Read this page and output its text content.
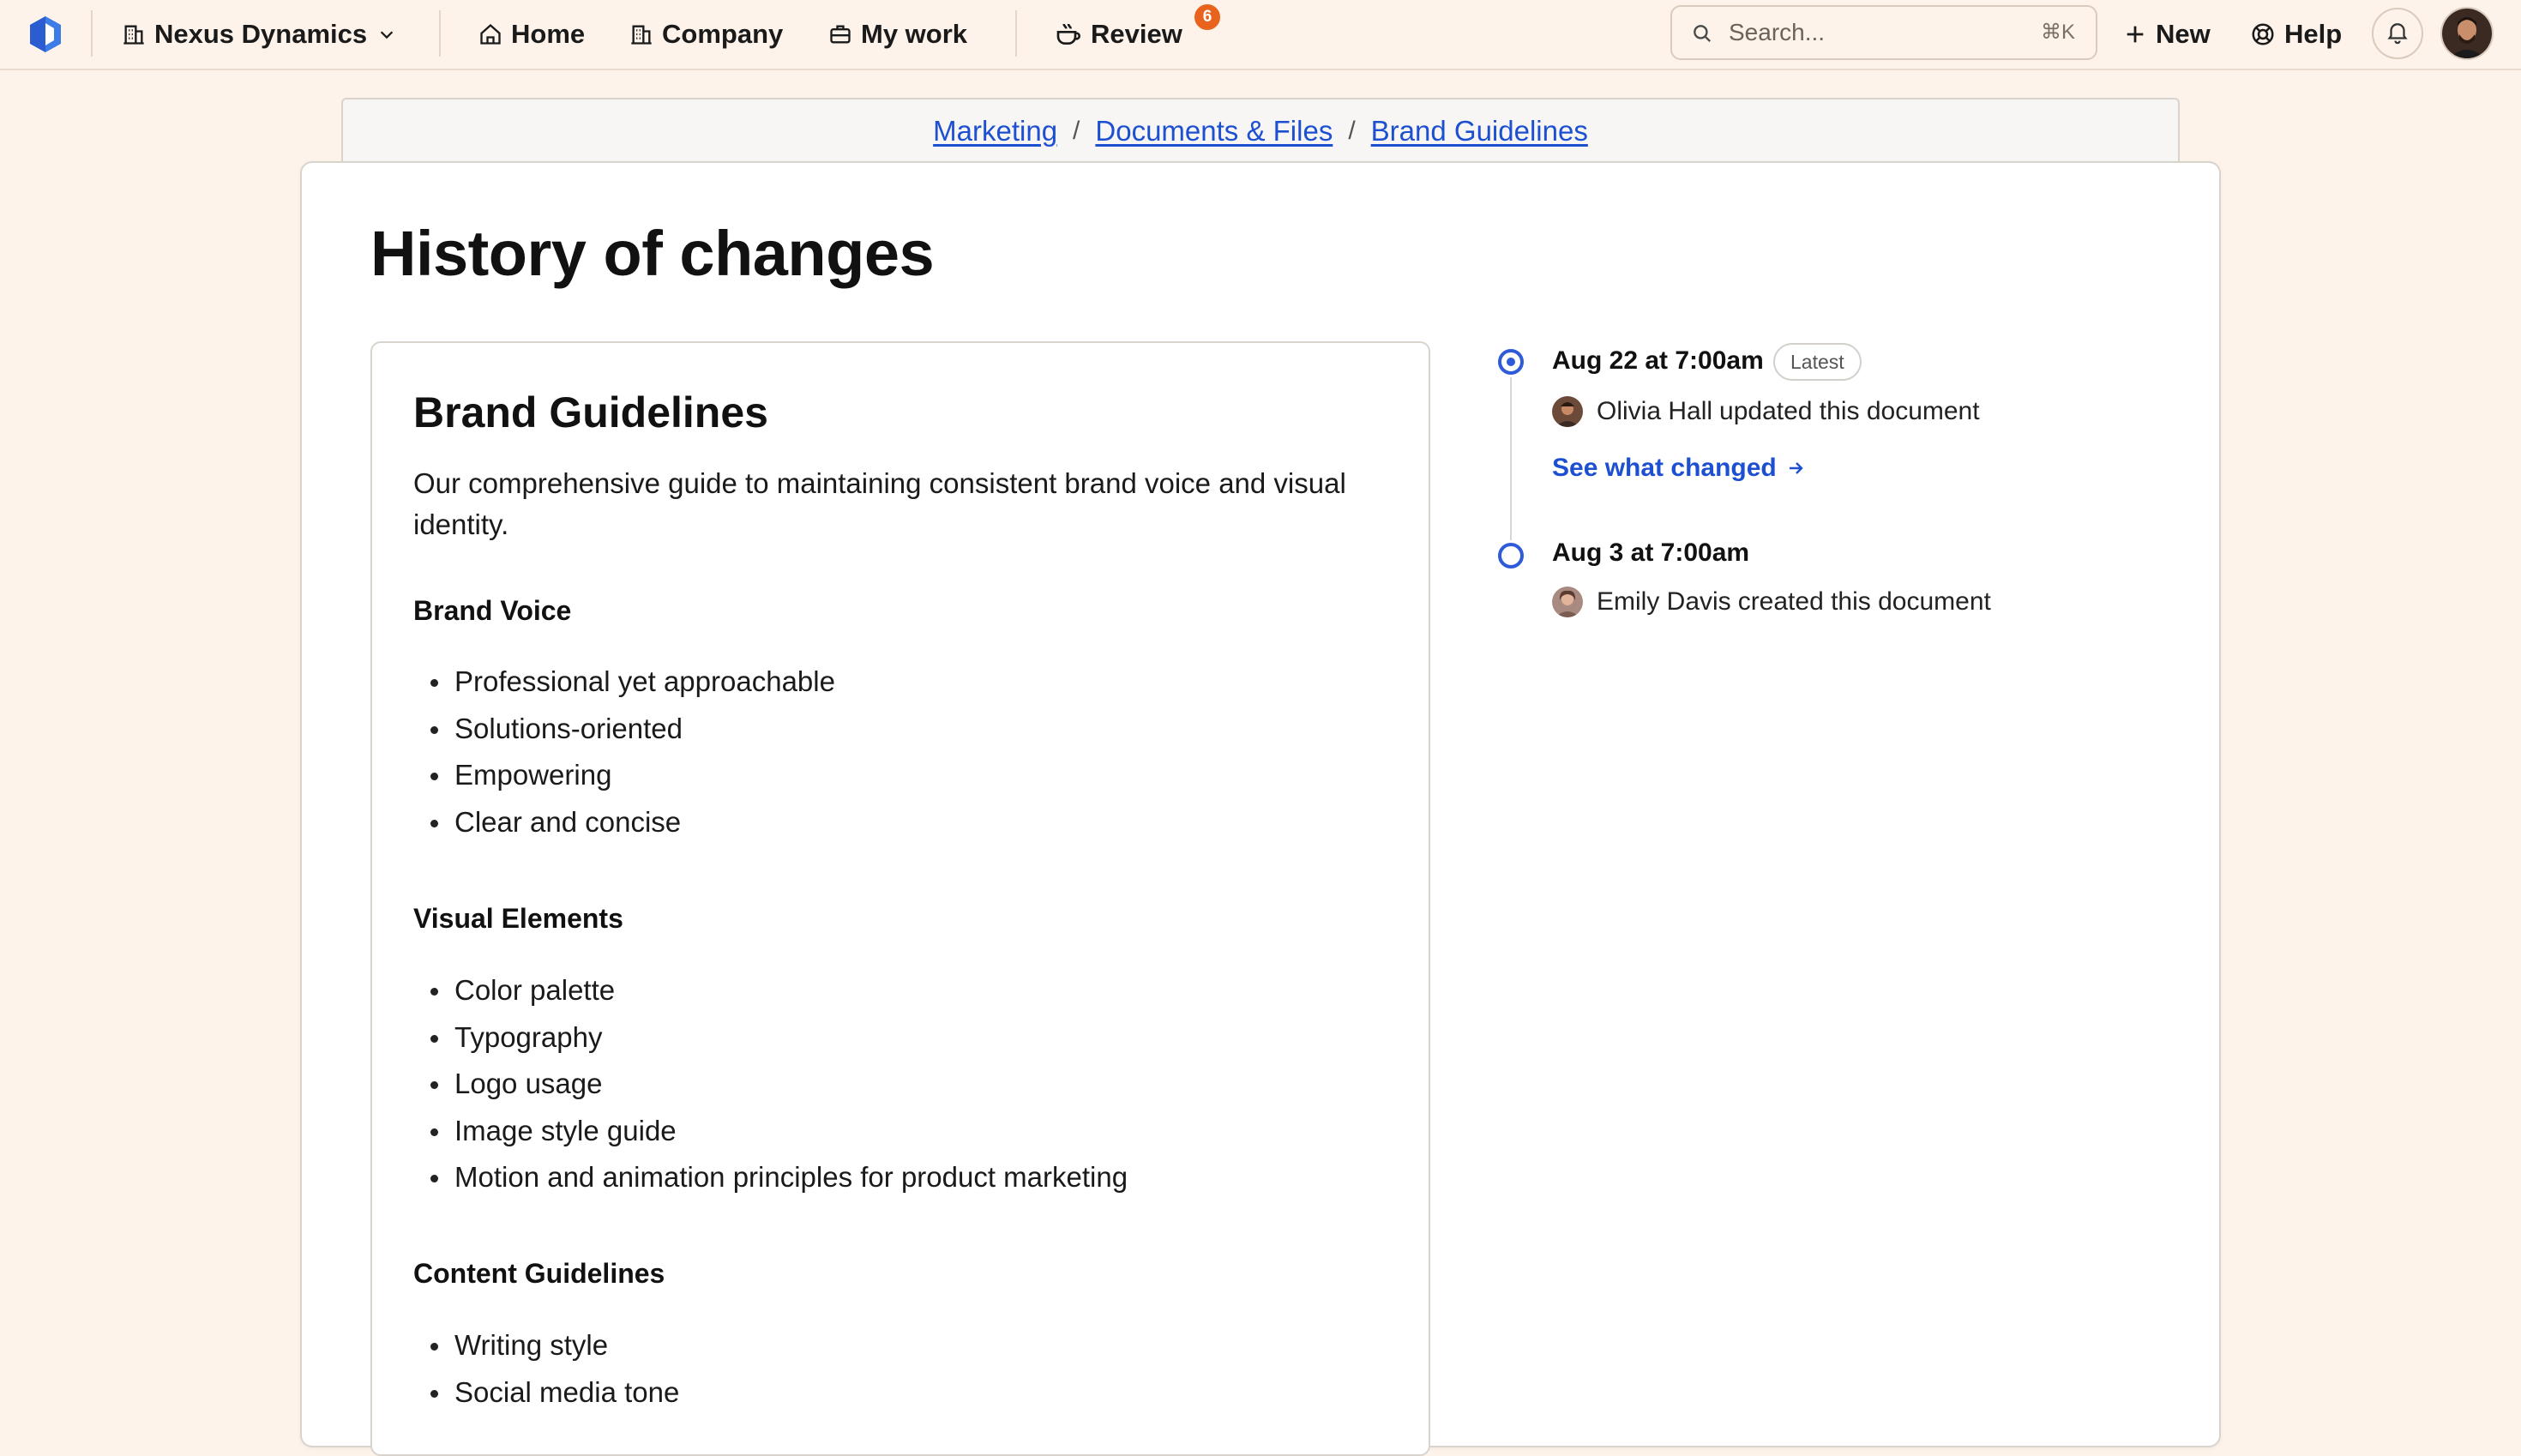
Nexus Dynamics	Home	Company	My work	Review
6
Search...	⌘K	New	Help
Marketing / Documents & Files / Brand Guidelines
History of changes
Brand Guidelines

Our comprehensive guide to maintaining consistent brand voice and visual identity.

Brand Voice
Professional yet approachable
Solutions-oriented
Empowering
Clear and concise
Visual Elements
Color palette
Typography
Logo usage
Image style guide
Motion and animation principles for product marketing
Content Guidelines
Writing style
Social media tone
Aug 22 at 7:00am	Latest
Olivia Hall updated this document
See what changed
Aug 3 at 7:00am
Emily Davis created this document
